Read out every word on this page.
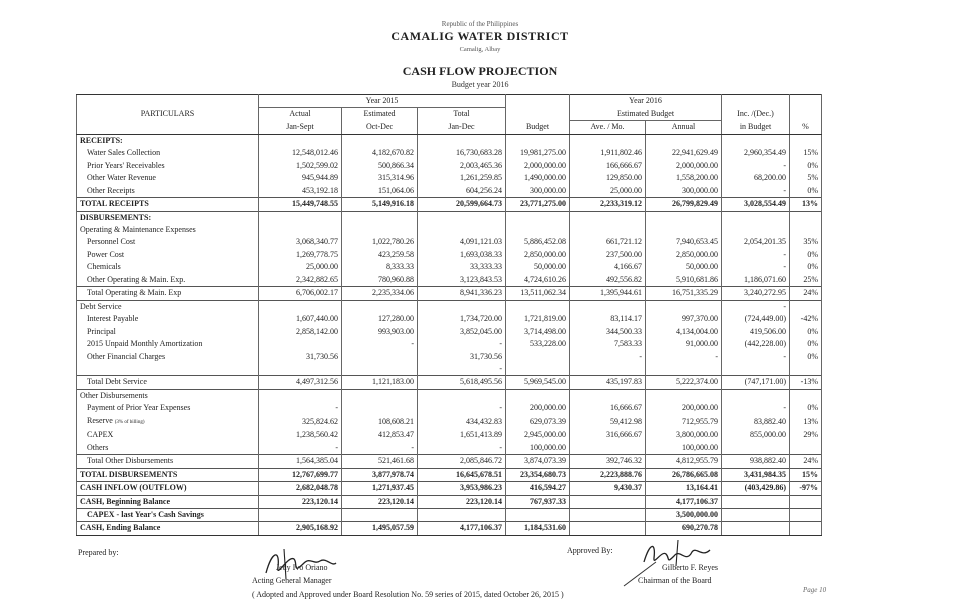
Republic of the Philippines
CAMALIG WATER DISTRICT
Camalig, Albay
CASH FLOW PROJECTION
Budget year 2016
	Year 2015				Year 2016			
PARTICULARS	Actual	Estimated	Total		Estimated Budget		Inc. /(Dec.)	
	Jan-Sept	Oct-Dec	Jan-Dec	Budget	Ave. / Mo.	Annual	in Budget	%
RECEIPTS:								
Water Sales Collection	12,548,012.46	4,182,670.82	16,730,683.28	19,981,275.00	1,911,802.46	22,941,629.49	2,960,354.49	15%
Prior Years' Receivables	1,502,599.02	500,866.34	2,003,465.36	2,000,000.00	166,666.67	2,000,000.00	-	0%
Other Water Revenue	945,944.89	315,314.96	1,261,259.85	1,490,000.00	129,850.00	1,558,200.00	68,200.00	5%
Other Receipts	453,192.18	151,064.06	604,256.24	300,000.00	25,000.00	300,000.00	-	0%
TOTAL RECEIPTS	15,449,748.55	5,149,916.18	20,599,664.73	23,771,275.00	2,233,319.12	26,799,829.49	3,028,554.49	13%
DISBURSEMENTS:								
Operating & Maintenance Expenses								
Personnel Cost	3,068,340.77	1,022,780.26	4,091,121.03	5,886,452.08	661,721.12	7,940,653.45	2,054,201.35	35%
Power Cost	1,269,778.75	423,259.58	1,693,038.33	2,850,000.00	237,500.00	2,850,000.00	-	0%
Chemicals	25,000.00	8,333.33	33,333.33	50,000.00	4,166.67	50,000.00	-	0%
Other Operating & Main. Exp.	2,342,882.65	780,960.88	3,123,843.53	4,724,610.26	492,556.82	5,910,681.86	1,186,071.60	25%
Total Operating & Main. Exp	6,706,002.17	2,235,334.06	8,941,336.23	13,511,062.34	1,395,944.61	16,751,335.29	3,240,272.95	24%
Debt Service							-	
Interest Payable	1,607,440.00	127,280.00	1,734,720.00	1,721,819.00	83,114.17	997,370.00	(724,449.00)	-42%
Principal	2,858,142.00	993,903.00	3,852,045.00	3,714,498.00	344,500.33	4,134,004.00	419,506.00	0%
2015 Unpaid Monthly Amortization		-	-	533,228.00	7,583.33	91,000.00	(442,228.00)	0%
Other Financial Charges	31,730.56		31,730.56		-	-	-	0%
			-					
Total Debt Service	4,497,312.56	1,121,183.00	5,618,495.56	5,969,545.00	435,197.83	5,222,374.00	(747,171.00)	-13%
Other Disbursements								
Payment of Prior Year Expenses	-		-	200,000.00	16,666.67	200,000.00	-	0%
Reserve (3% of billing)	325,824.62	108,608.21	434,432.83	629,073.39	59,412.98	712,955.79	83,882.40	13%
CAPEX	1,238,560.42	412,853.47	1,651,413.89	2,945,000.00	316,666.67	3,800,000.00	855,000.00	29%
Others	-	-	-	100,000.00		100,000.00		
Total Other Disbursements	1,564,385.04	521,461.68	2,085,846.72	3,874,073.39	392,746.32	4,812,955.79	938,882.40	24%
TOTAL DISBURSEMENTS	12,767,699.77	3,877,978.74	16,645,678.51	23,354,680.73	2,223,888.76	26,786,665.08	3,431,984.35	15%
CASH INFLOW (OUTFLOW)	2,682,048.78	1,271,937.45	3,953,986.23	416,594.27	9,430.37	13,164.41	(403,429.86)	-97%
CASH, Beginning Balance	223,120.14	223,120.14	223,120.14	767,937.33		4,177,106.37		
CAPEX - last Year's Cash Savings						3,500,000.00		
CASH, Ending Balance	2,905,168.92	1,495,057.59	4,177,106.37	1,184,531.60		690,270.78		
Prepared by:
Jedy Ivo Oriano
Acting General Manager
Approved By:
Gilberto F. Reyes
Chairman of the Board
( Adopted and Approved under Board Resolution No. 59 series of 2015, dated October 26, 2015 )	Page 10
